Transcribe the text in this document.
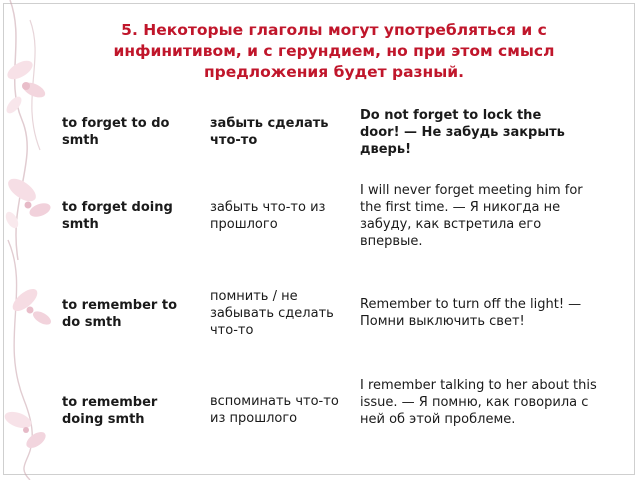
5. Некоторые глаголы могут употребляться и с инфинитивом, и с герундием, но при этом смысл предложения будет разный.
to forget to do smth
забыть сделать что-то
Do not forget to lock the door! — Не забудь закрыть дверь!
to forget doing smth
забыть что-то из прошлого
I will never forget meeting him for the first time. — Я никогда не забуду, как встретила его впервые.
to remember to do smth
помнить / не забывать сделать что-то
Remember to turn off the light! — Помни выключить свет!
to remember doing smth
вспоминать что-то из прошлого
I remember talking to her about this issue. — Я помню, как говорила с ней об этой проблеме.
